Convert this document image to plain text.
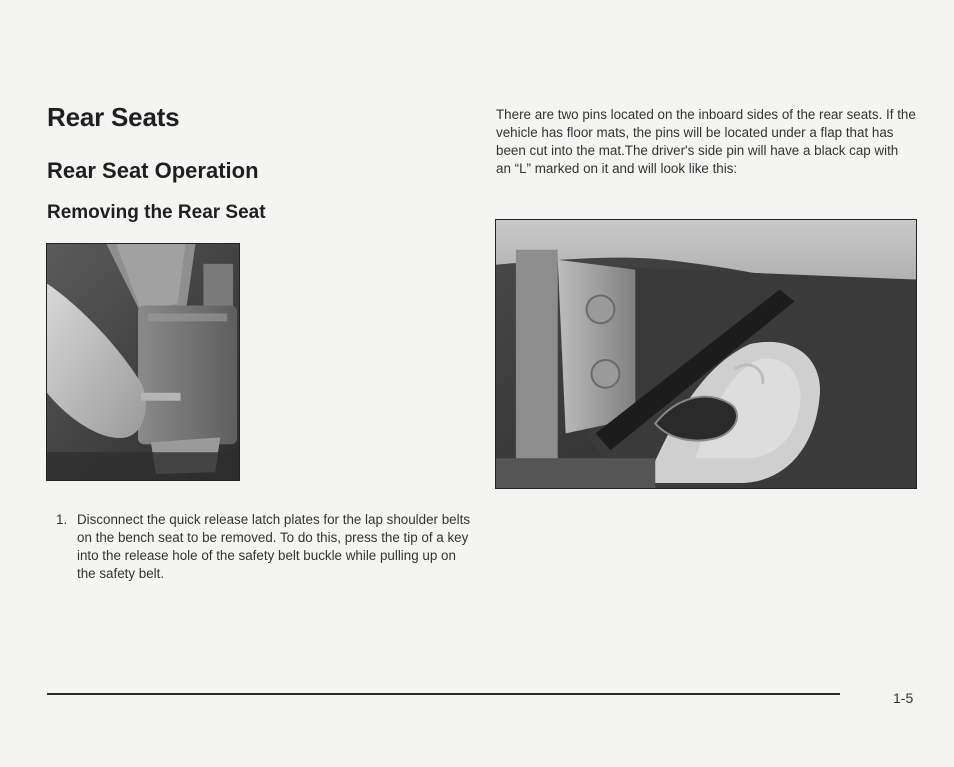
Rear Seats
Rear Seat Operation
Removing the Rear Seat

There are two pins located on the inboard sides of the rear seats. If the vehicle has floor mats, the pins will be located under a flap that has been cut into the mat.The driver's side pin will have a black cap with an “L” marked on it and will look like this:

1. Disconnect the quick release latch plates for the lap shoulder belts on the bench seat to be removed. To do this, press the tip of a key into the release hole of the safety belt buckle while pulling up on the safety belt.
1-5
